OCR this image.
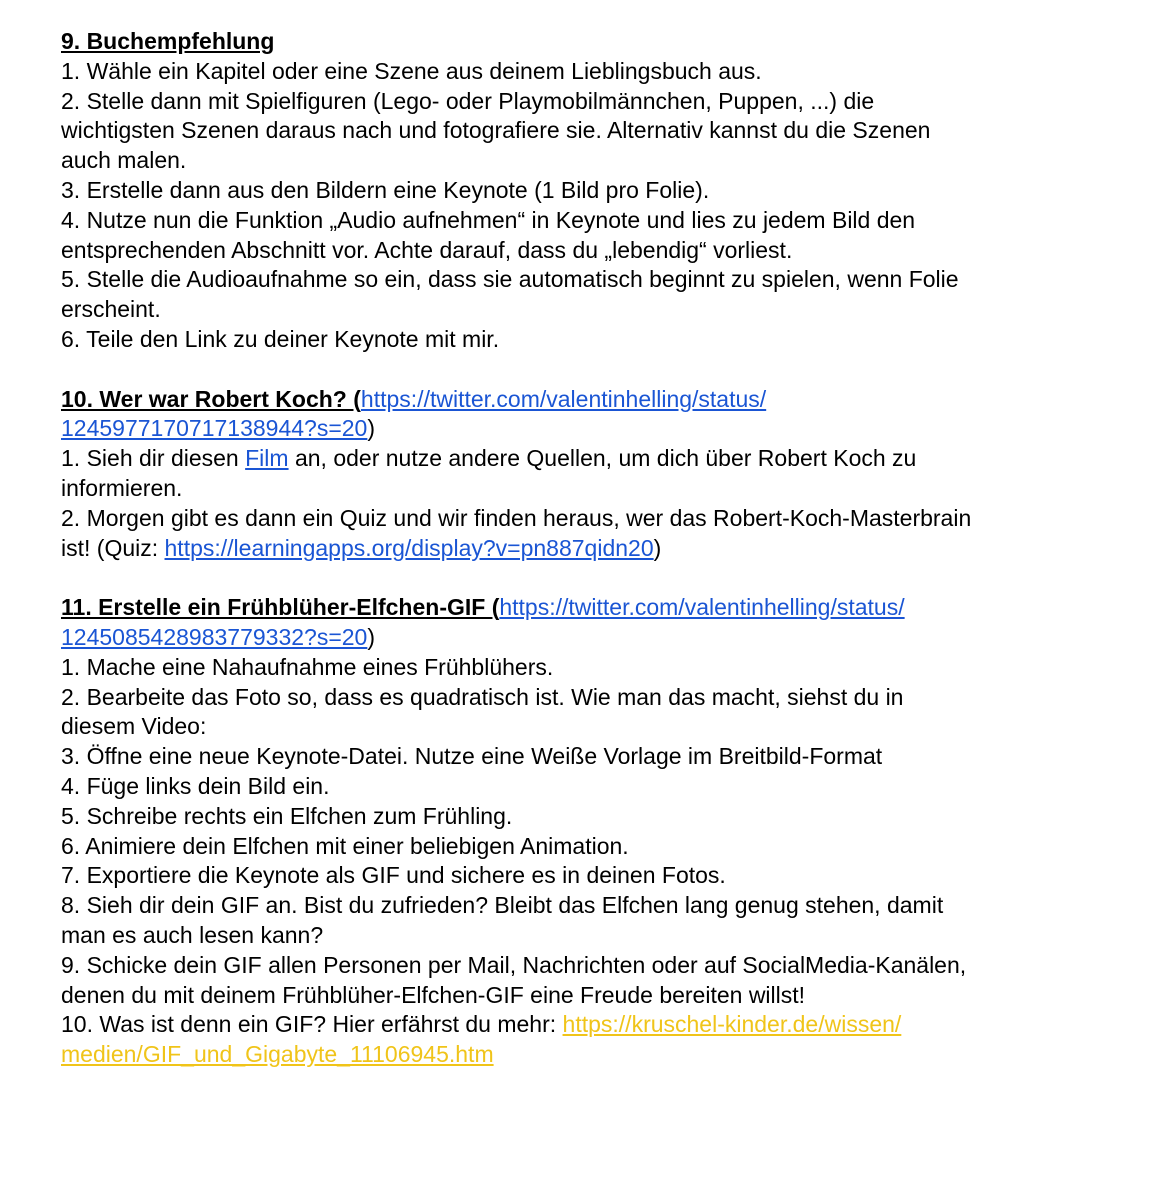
9. Buchempfehlung
1. Wähle ein Kapitel oder eine Szene aus deinem Lieblingsbuch aus.
2. Stelle dann mit Spielfiguren (Lego- oder Playmobilmännchen, Puppen, ...) die
wichtigsten Szenen daraus nach und fotografiere sie. Alternativ kannst du die Szenen
auch malen.
3. Erstelle dann aus den Bildern eine Keynote (1 Bild pro Folie).
4. Nutze nun die Funktion „Audio aufnehmen“ in Keynote und lies zu jedem Bild den
entsprechenden Abschnitt vor. Achte darauf, dass du „lebendig“ vorliest.
5. Stelle die Audioaufnahme so ein, dass sie automatisch beginnt zu spielen, wenn Folie
erscheint.
6. Teile den Link zu deiner Keynote mit mir.
10. Wer war Robert Koch? (https://twitter.com/valentinhelling/status/
1245977170717138944?s=20)
1. Sieh dir diesen Film an, oder nutze andere Quellen, um dich über Robert Koch zu
informieren.
2. Morgen gibt es dann ein Quiz und wir finden heraus, wer das Robert-Koch-Masterbrain
ist! (Quiz: https://learningapps.org/display?v=pn887qidn20)
11. Erstelle ein Frühblüher-Elfchen-GIF (https://twitter.com/valentinhelling/status/
1245085428983779332?s=20)
1. Mache eine Nahaufnahme eines Frühblühers.
2. Bearbeite das Foto so, dass es quadratisch ist. Wie man das macht, siehst du in
diesem Video:
3. Öffne eine neue Keynote-Datei. Nutze eine Weiße Vorlage im Breitbild-Format
4. Füge links dein Bild ein.
5. Schreibe rechts ein Elfchen zum Frühling.
6. Animiere dein Elfchen mit einer beliebigen Animation.
7. Exportiere die Keynote als GIF und sichere es in deinen Fotos.
8. Sieh dir dein GIF an. Bist du zufrieden? Bleibt das Elfchen lang genug stehen, damit
man es auch lesen kann?
9. Schicke dein GIF allen Personen per Mail, Nachrichten oder auf SocialMedia-Kanälen,
denen du mit deinem Frühblüher-Elfchen-GIF eine Freude bereiten willst!
10. Was ist denn ein GIF? Hier erfährst du mehr: https://kruschel-kinder.de/wissen/
medien/GIF_und_Gigabyte_11106945.htm
